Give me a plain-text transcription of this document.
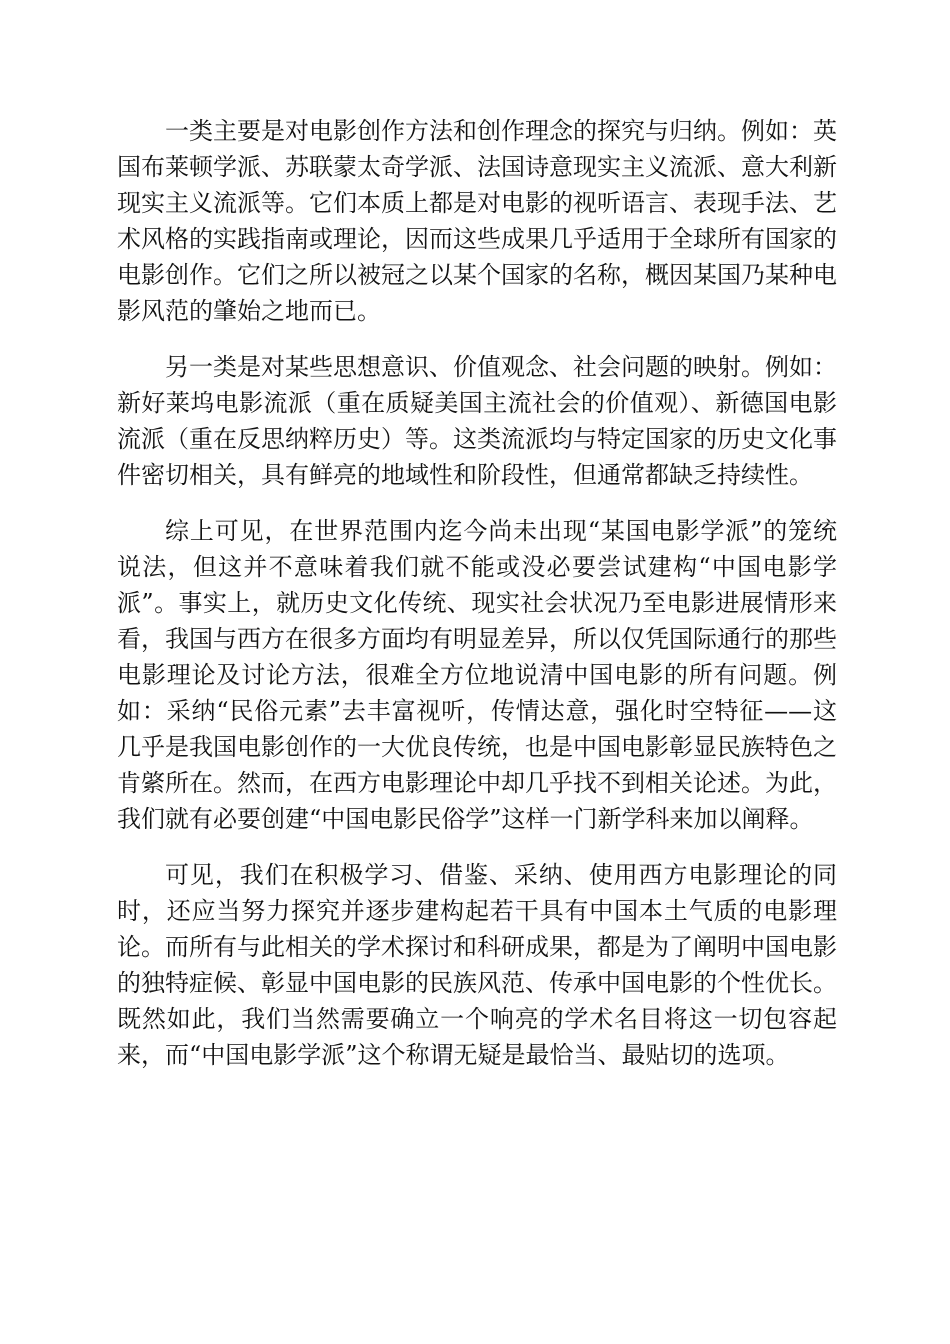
一类主要是对电影创作方法和创作理念的探究与归纳。例如：英国布莱顿学派、苏联蒙太奇学派、法国诗意现实主义流派、意大利新现实主义流派等。它们本质上都是对电影的视听语言、表现手法、艺术风格的实践指南或理论，因而这些成果几乎适用于全球所有国家的电影创作。它们之所以被冠之以某个国家的名称，概因某国乃某种电影风范的肇始之地而已。

另一类是对某些思想意识、价值观念、社会问题的映射。例如：新好莱坞电影流派（重在质疑美国主流社会的价值观）、新德国电影流派（重在反思纳粹历史）等。这类流派均与特定国家的历史文化事件密切相关，具有鲜亮的地域性和阶段性，但通常都缺乏持续性。

综上可见，在世界范围内迄今尚未出现“某国电影学派”的笼统说法，但这并不意味着我们就不能或没必要尝试建构“中国电影学派”。事实上，就历史文化传统、现实社会状况乃至电影进展情形来看，我国与西方在很多方面均有明显差异，所以仅凭国际通行的那些电影理论及讨论方法，很难全方位地说清中国电影的所有问题。例如：采纳“民俗元素”去丰富视听，传情达意，强化时空特征——这几乎是我国电影创作的一大优良传统，也是中国电影彰显民族特色之肯綮所在。然而，在西方电影理论中却几乎找不到相关论述。为此，我们就有必要创建“中国电影民俗学”这样一门新学科来加以阐释。

可见，我们在积极学习、借鉴、采纳、使用西方电影理论的同时，还应当努力探究并逐步建构起若干具有中国本土气质的电影理论。而所有与此相关的学术探讨和科研成果，都是为了阐明中国电影的独特症候、彰显中国电影的民族风范、传承中国电影的个性优长。既然如此，我们当然需要确立一个响亮的学术名目将这一切包容起来，而“中国电影学派”这个称谓无疑是最恰当、最贴切的选项。
